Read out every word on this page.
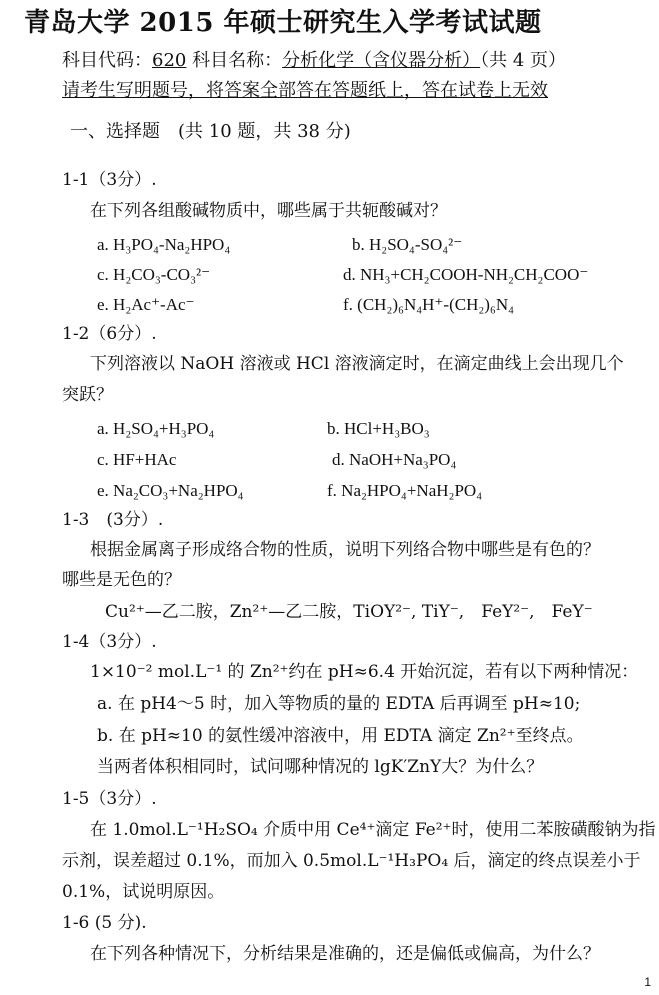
青岛大学 2015 年硕士研究生入学考试试题
科目代码：620 科目名称：分析化学（含仪器分析）（共 4 页）
请考生写明题号，将答案全部答在答题纸上，答在试卷上无效
一、选择题　(共 10 题，共 38 分)
1-1（3分）.
在下列各组酸碱物质中，哪些属于共轭酸碱对？
a. H₃PO₄-Na₂HPO₄	b. H₂SO₄-SO₄²⁻
c. H₂CO₃-CO₃²⁻	d. NH₃+CH₂COOH-NH₂CH₂COO⁻
e. H₂Ac⁺-Ac⁻	f. (CH₂)₆N₄H⁺-(CH₂)₆N₄
1-2（6分）.
下列溶液以 NaOH 溶液或 HCl 溶液滴定时，在滴定曲线上会出现几个
突跃？
a. H₂SO₄+H₃PO₄	b. HCl+H₃BO₃
c. HF+HAc	d. NaOH+Na₃PO₄
e. Na₂CO₃+Na₂HPO₄	f. Na₂HPO₄+NaH₂PO₄
1-3　(3分）.
根据金属离子形成络合物的性质，说明下列络合物中哪些是有色的？
哪些是无色的？
Cu²⁺—乙二胺，Zn²⁺—乙二胺，TiOY²⁻, TiY⁻,　FeY²⁻,　FeY⁻
1-4（3分）.
1×10⁻² mol.L⁻¹ 的 Zn²⁺约在 pH≈6.4 开始沉淀，若有以下两种情况：
a. 在 pH4～5 时，加入等物质的量的 EDTA 后再调至 pH≈10;
b. 在 pH≈10 的氨性缓冲溶液中，用 EDTA 滴定 Zn²⁺至终点。
当两者体积相同时，试问哪种情况的 lgK′ZnY大？为什么？
1-5（3分）.
在 1.0mol.L⁻¹H₂SO₄ 介质中用 Ce⁴⁺滴定 Fe²⁺时，使用二苯胺磺酸钠为指
示剂，误差超过 0.1%，而加入 0.5mol.L⁻¹H₃PO₄ 后，滴定的终点误差小于
0.1%，试说明原因。
1-6 (5 分).
在下列各种情况下，分析结果是准确的，还是偏低或偏高，为什么？
1
